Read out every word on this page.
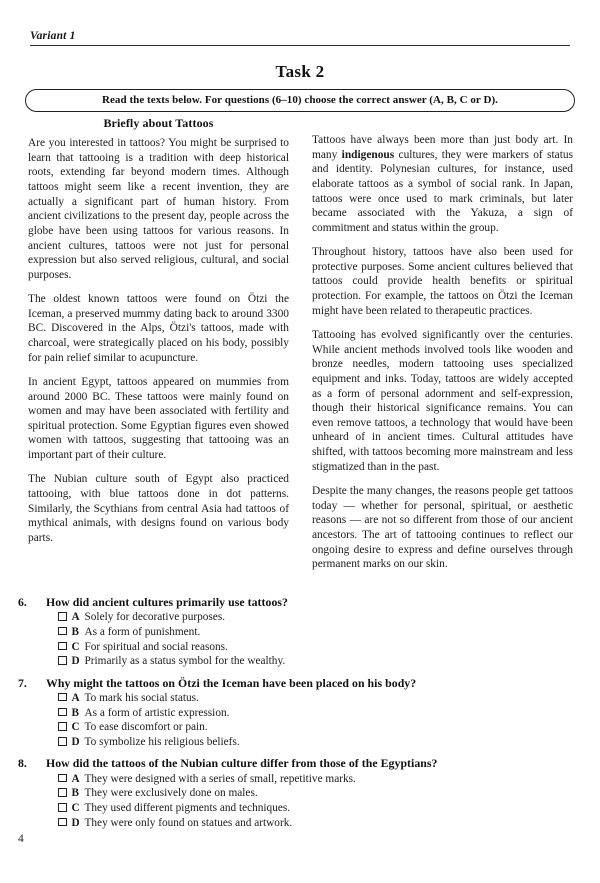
Variant 1
Task 2
Read the texts below. For questions (6–10) choose the correct answer (A, B, C or D).
Briefly about Tattoos

Are you interested in tattoos? You might be surprised to learn that tattooing is a tradition with deep historical roots, extending far beyond modern times. Although tattoos might seem like a recent invention, they are actually a significant part of human history. From ancient civilizations to the present day, people across the globe have been using tattoos for various reasons. In ancient cultures, tattoos were not just for personal expression but also served religious, cultural, and social purposes.

The oldest known tattoos were found on Ötzi the Iceman, a preserved mummy dating back to around 3300 BC. Discovered in the Alps, Ötzi's tattoos, made with charcoal, were strategically placed on his body, possibly for pain relief similar to acupuncture.

In ancient Egypt, tattoos appeared on mummies from around 2000 BC. These tattoos were mainly found on women and may have been associated with fertility and spiritual protection. Some Egyptian figures even showed women with tattoos, suggesting that tattooing was an important part of their culture.

The Nubian culture south of Egypt also practiced tattooing, with blue tattoos done in dot patterns. Similarly, the Scythians from central Asia had tattoos of mythical animals, with designs found on various body parts.

Tattoos have always been more than just body art. In many indigenous cultures, they were markers of status and identity. Polynesian cultures, for instance, used elaborate tattoos as a symbol of social rank. In Japan, tattoos were once used to mark criminals, but later became associated with the Yakuza, a sign of commitment and status within the group.

Throughout history, tattoos have also been used for protective purposes. Some ancient cultures believed that tattoos could provide health benefits or spiritual protection. For example, the tattoos on Ötzi the Iceman might have been related to therapeutic practices.

Tattooing has evolved significantly over the centuries. While ancient methods involved tools like wooden and bronze needles, modern tattooing uses specialized equipment and inks. Today, tattoos are widely accepted as a form of personal adornment and self-expression, though their historical significance remains. You can even remove tattoos, a technology that would have been unheard of in ancient times. Cultural attitudes have shifted, with tattoos becoming more mainstream and less stigmatized than in the past.

Despite the many changes, the reasons people get tattoos today — whether for personal, spiritual, or aesthetic reasons — are not so different from those of our ancient ancestors. The art of tattooing continues to reflect our ongoing desire to express and define ourselves through permanent marks on our skin.

6.	How did ancient cultures primarily use tattoos?
A Solely for decorative purposes.
B As a form of punishment.
C For spiritual and social reasons.
D Primarily as a status symbol for the wealthy.
7.	Why might the tattoos on Ötzi the Iceman have been placed on his body?
A To mark his social status.
B As a form of artistic expression.
C To ease discomfort or pain.
D To symbolize his religious beliefs.
8.	How did the tattoos of the Nubian culture differ from those of the Egyptians?
A They were designed with a series of small, repetitive marks.
B They were exclusively done on males.
C They used different pigments and techniques.
D They were only found on statues and artwork.
4
